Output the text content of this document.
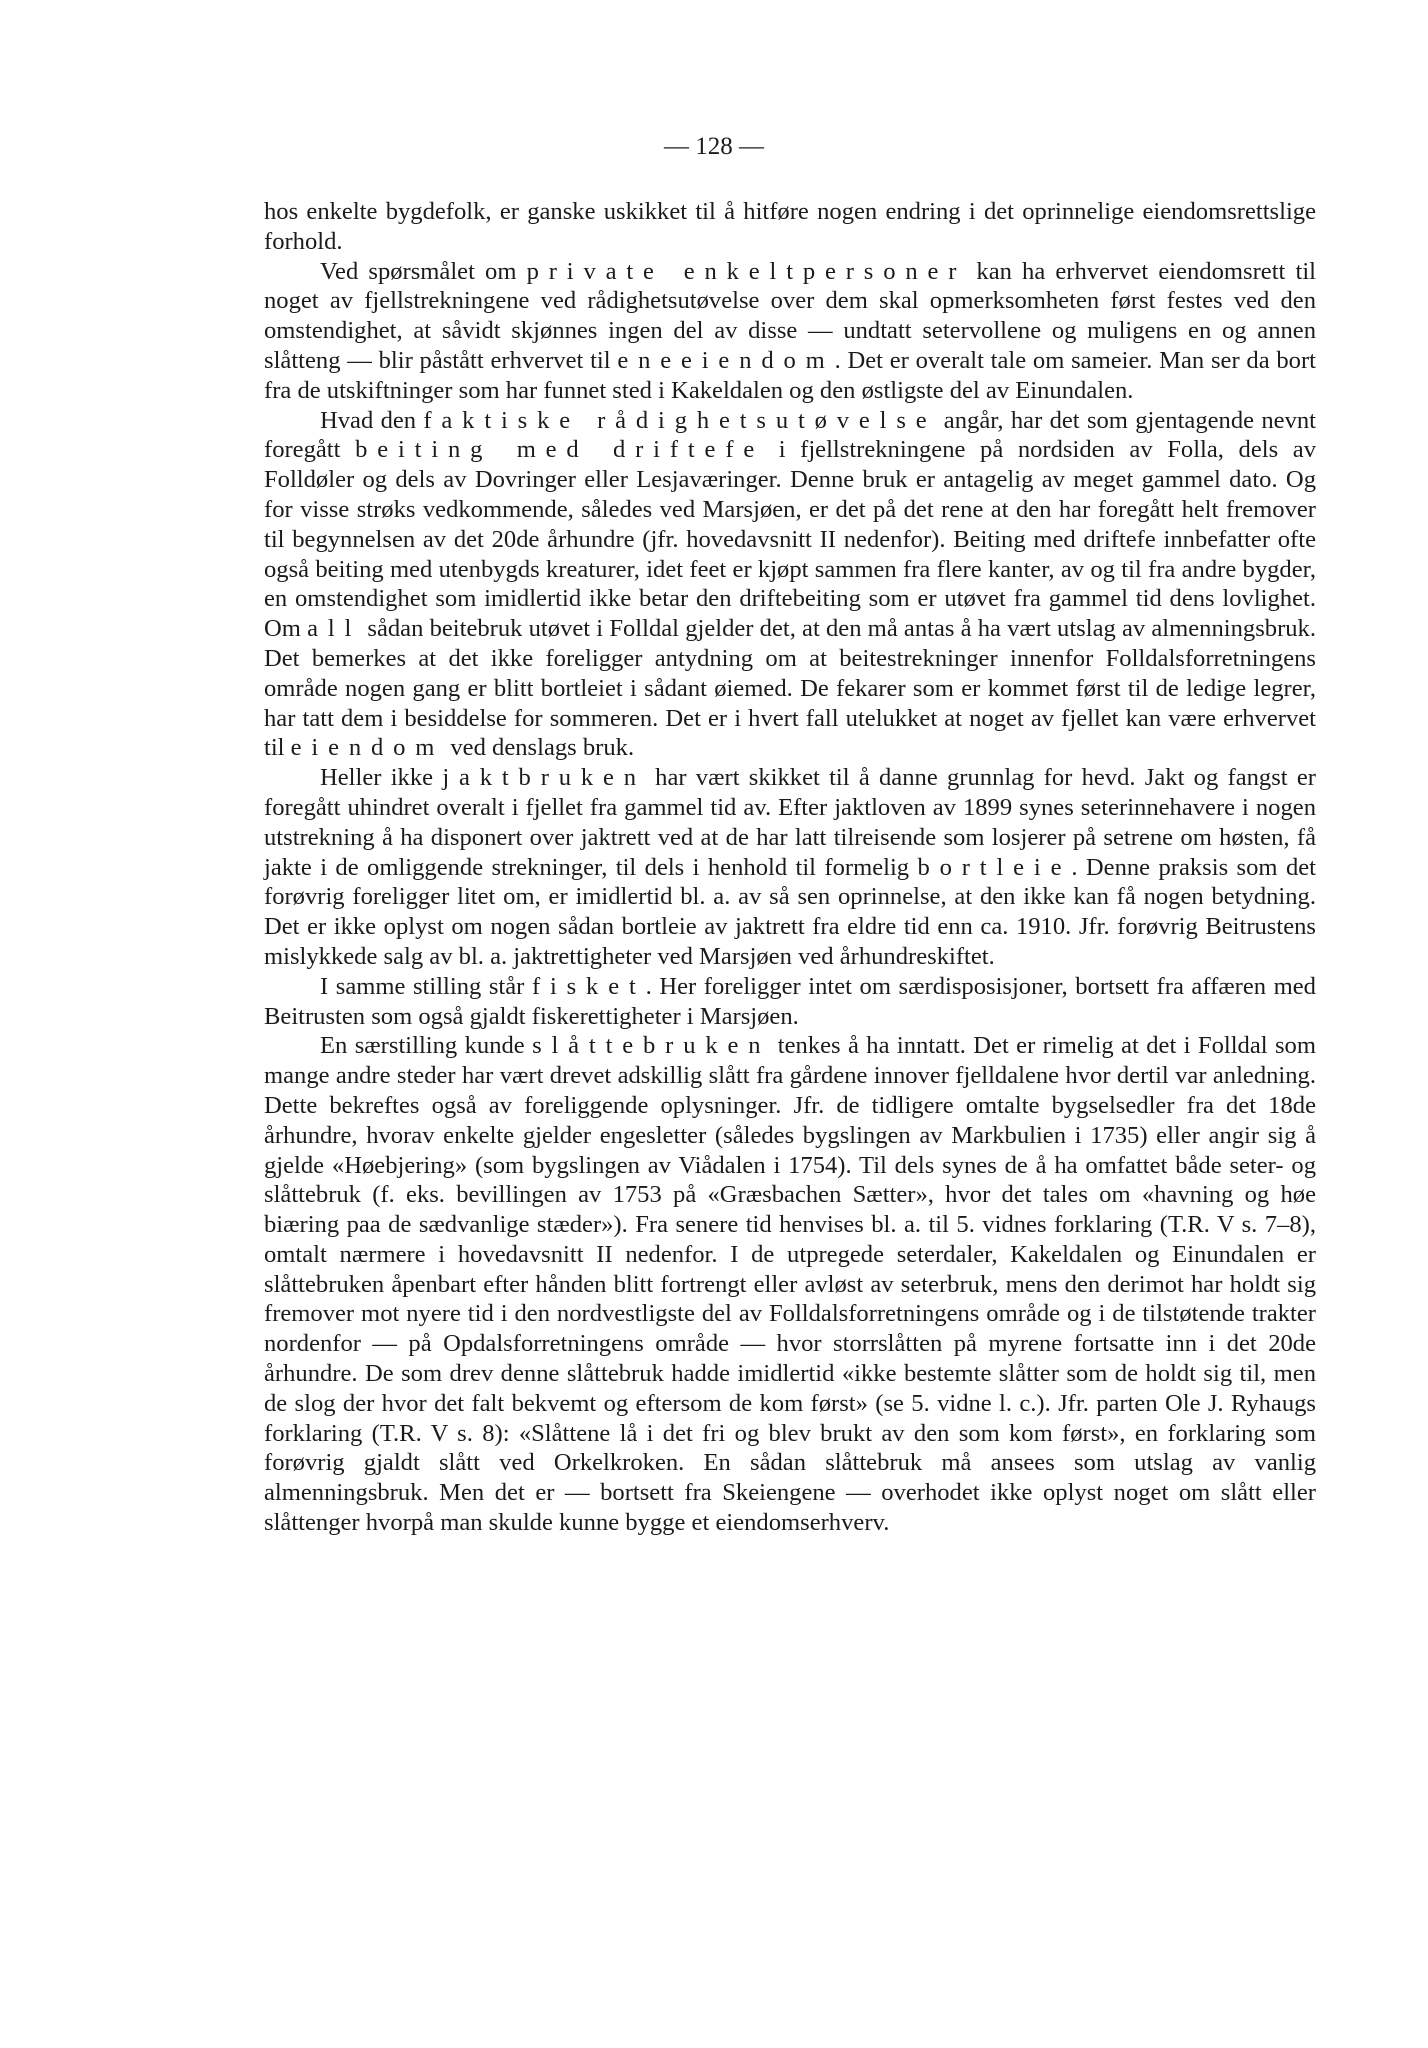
— 128 —

hos enkelte bygdefolk, er ganske uskikket til å hitføre nogen endring i det oprinnelige eiendomsrettslige forhold.

Ved spørsmålet om private enkeltpersoner kan ha erhvervet eiendomsrett til noget av fjellstrekningene ved rådighetsutøvelse over dem skal opmerksomheten først festes ved den omstendighet, at såvidt skjønnes ingen del av disse — undtatt setervollene og muligens en og annen slåtteng — blir påstått erhvervet til eneeiendom. Det er overalt tale om sameier. Man ser da bort fra de utskiftninger som har funnet sted i Kakeldalen og den østligste del av Einundalen.

Hvad den faktiske rådighetsutøvelse angår, har det som gjentagende nevnt foregått beiting med driftefe i fjellstrekningene på nordsiden av Folla, dels av Folldøler og dels av Dovringer eller Lesjaværinger. Denne bruk er antagelig av meget gammel dato. Og for visse strøks vedkommende, således ved Marsjøen, er det på det rene at den har foregått helt fremover til begynnelsen av det 20de århundre (jfr. hovedavsnitt II nedenfor). Beiting med driftefe innbefatter ofte også beiting med utenbygds kreaturer, idet feet er kjøpt sammen fra flere kanter, av og til fra andre bygder, en omstendighet som imidlertid ikke betar den driftebeiting som er utøvet fra gammel tid dens lovlighet. Om all sådan beitebruk utøvet i Folldal gjelder det, at den må antas å ha vært utslag av almenningsbruk. Det bemerkes at det ikke foreligger antydning om at beitestrekninger innenfor Folldalsforretningens område nogen gang er blitt bortleiet i sådant øiemed. De fekarer som er kommet først til de ledige legrer, har tatt dem i besiddelse for sommeren. Det er i hvert fall utelukket at noget av fjellet kan være erhvervet til eiendom ved denslags bruk.

Heller ikke jaktbruken har vært skikket til å danne grunnlag for hevd. Jakt og fangst er foregått uhindret overalt i fjellet fra gammel tid av. Efter jaktloven av 1899 synes seterinnehavere i nogen utstrekning å ha disponert over jaktrett ved at de har latt tilreisende som losjerer på setrene om høsten, få jakte i de omliggende strekninger, til dels i henhold til formelig bortleie. Denne praksis som det forøvrig foreligger litet om, er imidlertid bl. a. av så sen oprinnelse, at den ikke kan få nogen betydning. Det er ikke oplyst om nogen sådan bortleie av jaktrett fra eldre tid enn ca. 1910. Jfr. forøvrig Beitrustens mislykkede salg av bl. a. jaktrettigheter ved Marsjøen ved århundreskiftet.

I samme stilling står fisket. Her foreligger intet om særdisposisjoner, bortsett fra affæren med Beitrusten som også gjaldt fiskerettigheter i Marsjøen.

En særstilling kunde slåttebruken tenkes å ha inntatt. Det er rimelig at det i Folldal som mange andre steder har vært drevet adskillig slått fra gårdene innover fjelldalene hvor dertil var anledning. Dette bekreftes også av foreliggende oplysninger. Jfr. de tidligere omtalte bygselsedler fra det 18de århundre, hvorav enkelte gjelder engesletter (således bygslingen av Markbulien i 1735) eller angir sig å gjelde «Høebjering» (som bygslingen av Viådalen i 1754). Til dels synes de å ha omfattet både seter- og slåttebruk (f. eks. bevillingen av 1753 på «Græsbachen Sætter», hvor det tales om «havning og høe biæring paa de sædvanlige stæder»). Fra senere tid henvises bl. a. til 5. vidnes forklaring (T.R. V s. 7–8), omtalt nærmere i hovedavsnitt II nedenfor. I de utpregede seterdaler, Kakeldalen og Einundalen er slåttebruken åpenbart efter hånden blitt fortrengt eller avløst av seterbruk, mens den derimot har holdt sig fremover mot nyere tid i den nordvestligste del av Folldalsforretningens område og i de tilstøtende trakter nordenfor — på Opdalsforretningens område — hvor storrslåtten på myrene fortsatte inn i det 20de århundre. De som drev denne slåttebruk hadde imidlertid «ikke bestemte slåtter som de holdt sig til, men de slog der hvor det falt bekvemt og eftersom de kom først» (se 5. vidne l. c.). Jfr. parten Ole J. Ryhaugs forklaring (T.R. V s. 8): «Slåttene lå i det fri og blev brukt av den som kom først», en forklaring som forøvrig gjaldt slått ved Orkelkroken. En sådan slåttebruk må ansees som utslag av vanlig almenningsbruk. Men det er — bortsett fra Skeiengene — overhodet ikke oplyst noget om slått eller slåttenger hvorpå man skulde kunne bygge et eiendomserhverv.
